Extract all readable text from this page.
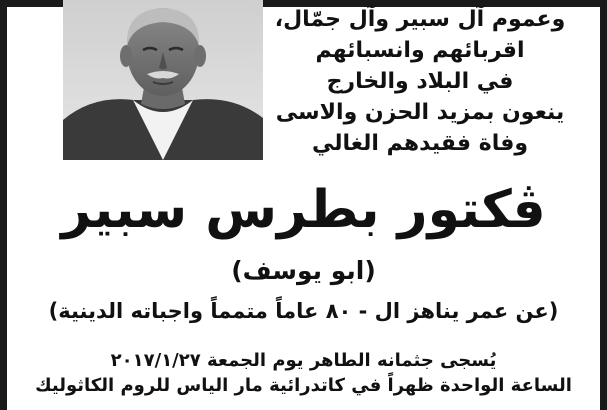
وعموم آل سبير وآل جمّال،
اقربائهم وانسبائهم
في البلاد والخارج
ينعون بمزيد الحزن والاسى
وفاة فقيدهم الغالي
ڤكتور بطرس سبير
(ابو يوسف)
(عن عمر يناهز ال - ٨٠ عاماً متمماً واجباته الدينية)
يُسجى جثمانه الطاهر يوم الجمعة ٢٠١٧/١/٢٧
الساعة الواحدة ظهراً في كاتدرائية مار الياس للروم الكاثوليك
